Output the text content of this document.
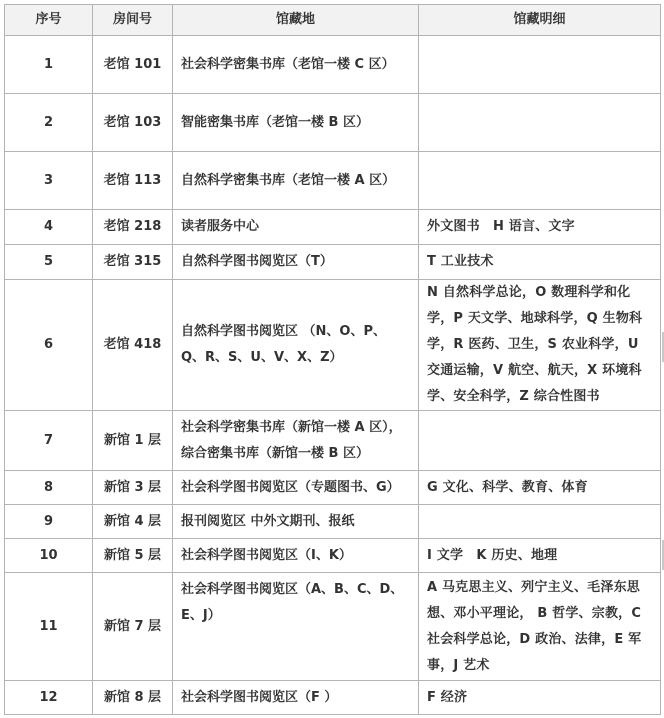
序号	房间号	馆藏地	馆藏明细
1	老馆 101	社会科学密集书库（老馆一楼 C 区）	
2	老馆 103	智能密集书库（老馆一楼 B 区）	
3	老馆 113	自然科学密集书库（老馆一楼 A 区）	
4	老馆 218	读者服务中心	外文图书　H 语言、文字
5	老馆 315	自然科学图书阅览区（T）	T 工业技术
6	老馆 418	自然科学图书阅览区 （N、O、P、Q、R、S、U、V、X、Z）	N 自然科学总论，O 数理科学和化学，P 天文学、地球科学，Q 生物科学，R 医药、卫生，S 农业科学，U 交通运输，V 航空、航天，X 环境科学、安全科学，Z 综合性图书
7	新馆 1 层	社会科学密集书库（新馆一楼 A 区），综合密集书库（新馆一楼 B 区）	
8	新馆 3 层	社会科学图书阅览区（专题图书、G）	G 文化、科学、教育、体育
9	新馆 4 层	报刊阅览区 中外文期刊、报纸	
10	新馆 5 层	社会科学图书阅览区（I、K）	I 文学　K 历史、地理
11	新馆 7 层	社会科学图书阅览区（A、B、C、D、E、J）	A 马克思主义、列宁主义、毛泽东思想、邓小平理论， B 哲学、宗教，C 社会科学总论，D 政治、法律，E 军事，J 艺术
12	新馆 8 层	社会科学图书阅览区（F ）	F 经济
